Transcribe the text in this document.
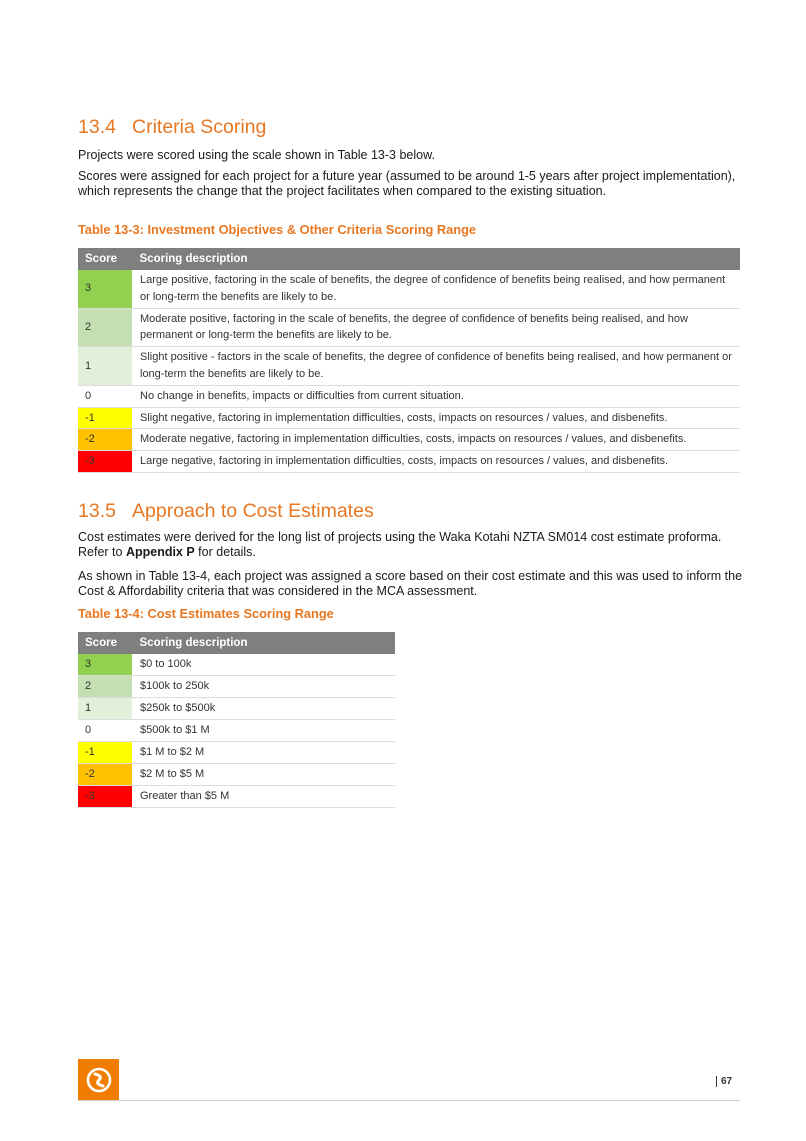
13.4 Criteria Scoring

Projects were scored using the scale shown in Table 13-3 below.

Scores were assigned for each project for a future year (assumed to be around 1-5 years after project implementation), which represents the change that the project facilitates when compared to the existing situation.

Table 13-3: Investment Objectives & Other Criteria Scoring Range
Score	Scoring description
3	Large positive, factoring in the scale of benefits, the degree of confidence of benefits being realised, and how permanent or long-term the benefits are likely to be.
2	Moderate positive, factoring in the scale of benefits, the degree of confidence of benefits being realised, and how permanent or long-term the benefits are likely to be.
1	Slight positive - factors in the scale of benefits, the degree of confidence of benefits being realised, and how permanent or long-term the benefits are likely to be.
0	No change in benefits, impacts or difficulties from current situation.
-1	Slight negative, factoring in implementation difficulties, costs, impacts on resources / values, and disbenefits.
-2	Moderate negative, factoring in implementation difficulties, costs, impacts on resources / values, and disbenefits.
-3	Large negative, factoring in implementation difficulties, costs, impacts on resources / values, and disbenefits.
13.5 Approach to Cost Estimates

Cost estimates were derived for the long list of projects using the Waka Kotahi NZTA SM014 cost estimate proforma. Refer to Appendix P for details.

As shown in Table 13-4, each project was assigned a score based on their cost estimate and this was used to inform the Cost & Affordability criteria that was considered in the MCA assessment.

Table 13-4: Cost Estimates Scoring Range
Score	Scoring description
3	$0 to 100k
2	$100k to 250k
1	$250k to $500k
0	$500k to $1 M
-1	$1 M to $2 M
-2	$2 M to $5 M
-3	Greater than $5 M
67
